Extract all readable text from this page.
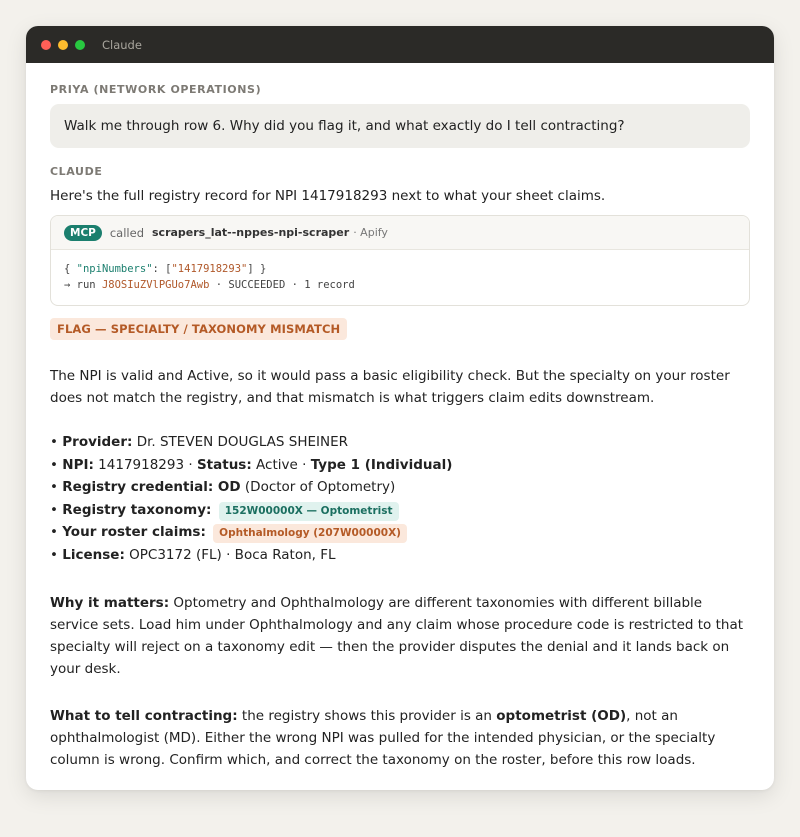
Claude
PRIYA (NETWORK OPERATIONS)
Walk me through row 6. Why did you flag it, and what exactly do I tell contracting?
CLAUDE
Here's the full registry record for NPI 1417918293 next to what your sheet claims.
MCP	called scrapers_lat--nppes-npi-scraper · Apify
{ "npiNumbers": ["1417918293"] }
→ run J8OSIuZVlPGUo7Awb · SUCCEEDED · 1 record
FLAG — SPECIALTY / TAXONOMY MISMATCH

The NPI is valid and Active, so it would pass a basic eligibility check. But the specialty on your roster does not match the registry, and that mismatch is what triggers claim edits downstream.

• Provider: Dr. STEVEN DOUGLAS SHEINER
• NPI: 1417918293 · Status: Active · Type 1 (Individual)
• Registry credential: OD (Doctor of Optometry)
• Registry taxonomy: 152W00000X — Optometrist
• Your roster claims: Ophthalmology (207W00000X)
• License: OPC3172 (FL) · Boca Raton, FL

Why it matters: Optometry and Ophthalmology are different taxonomies with different billable service sets. Load him under Ophthalmology and any claim whose procedure code is restricted to that specialty will reject on a taxonomy edit — then the provider disputes the denial and it lands back on your desk.

What to tell contracting: the registry shows this provider is an optometrist (OD), not an ophthalmologist (MD). Either the wrong NPI was pulled for the intended physician, or the specialty column is wrong. Confirm which, and correct the taxonomy on the roster, before this row loads.
